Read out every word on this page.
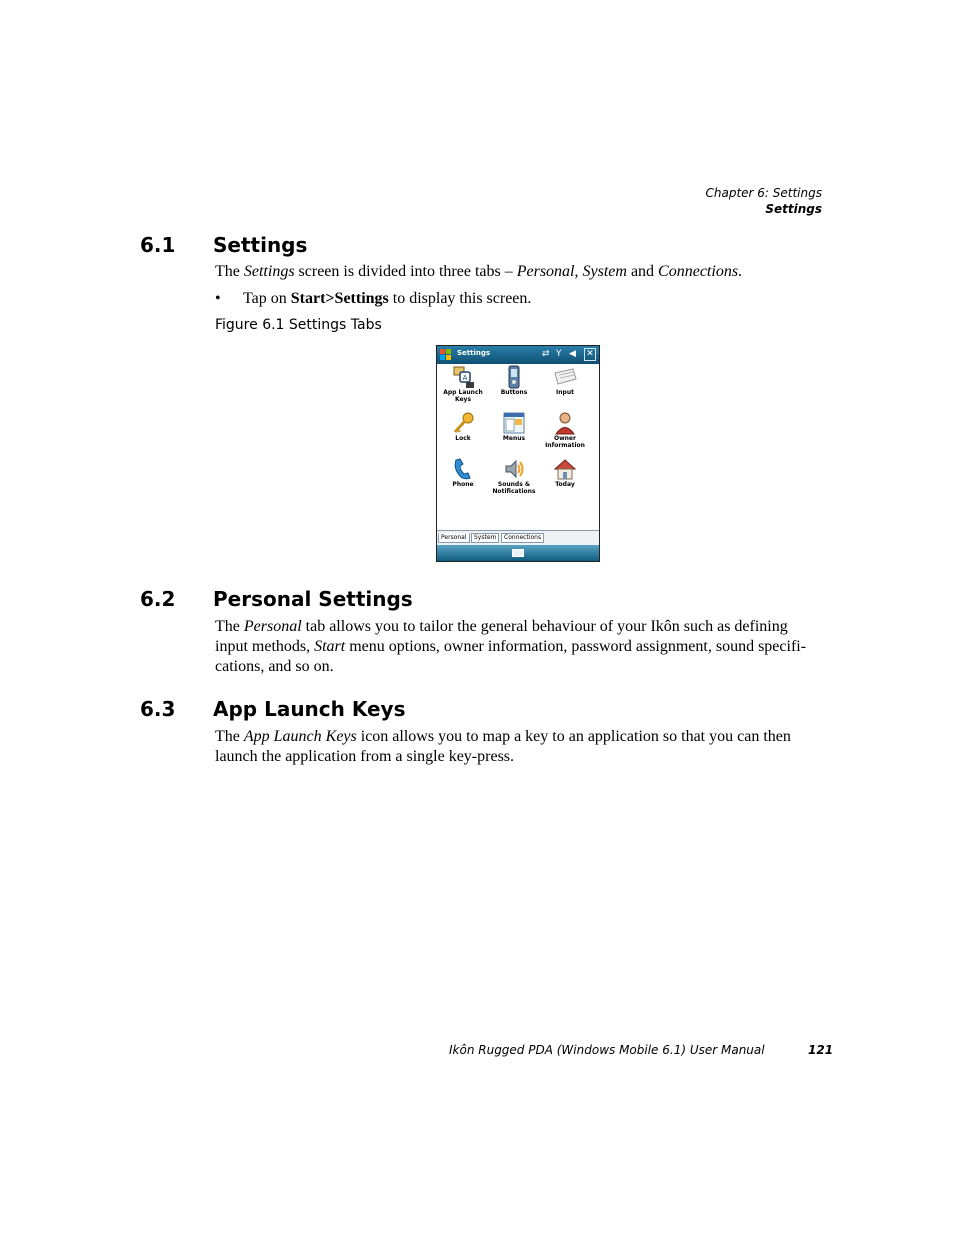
Chapter 6: Settings
Settings
6.1 Settings
The Settings screen is divided into three tabs – Personal, System and Connections.
• Tap on Start>Settings to display this screen.
Figure 6.1 Settings Tabs
Settings	⇄ Y ◀ ✕
A
App Launch Keys
Buttons	Input
Lock	Menus	Owner Information
Phone	Sounds & Notifications
Today
Personal	System	Connections
6.2 Personal Settings
The Personal tab allows you to tailor the general behaviour of your Ikôn such as defining
input methods, Start menu options, owner information, password assignment, sound specifi-
cations, and so on.
6.3 App Launch Keys
The App Launch Keys icon allows you to map a key to an application so that you can then
launch the application from a single key-press.
Ikôn Rugged PDA (Windows Mobile 6.1) User Manual	121
